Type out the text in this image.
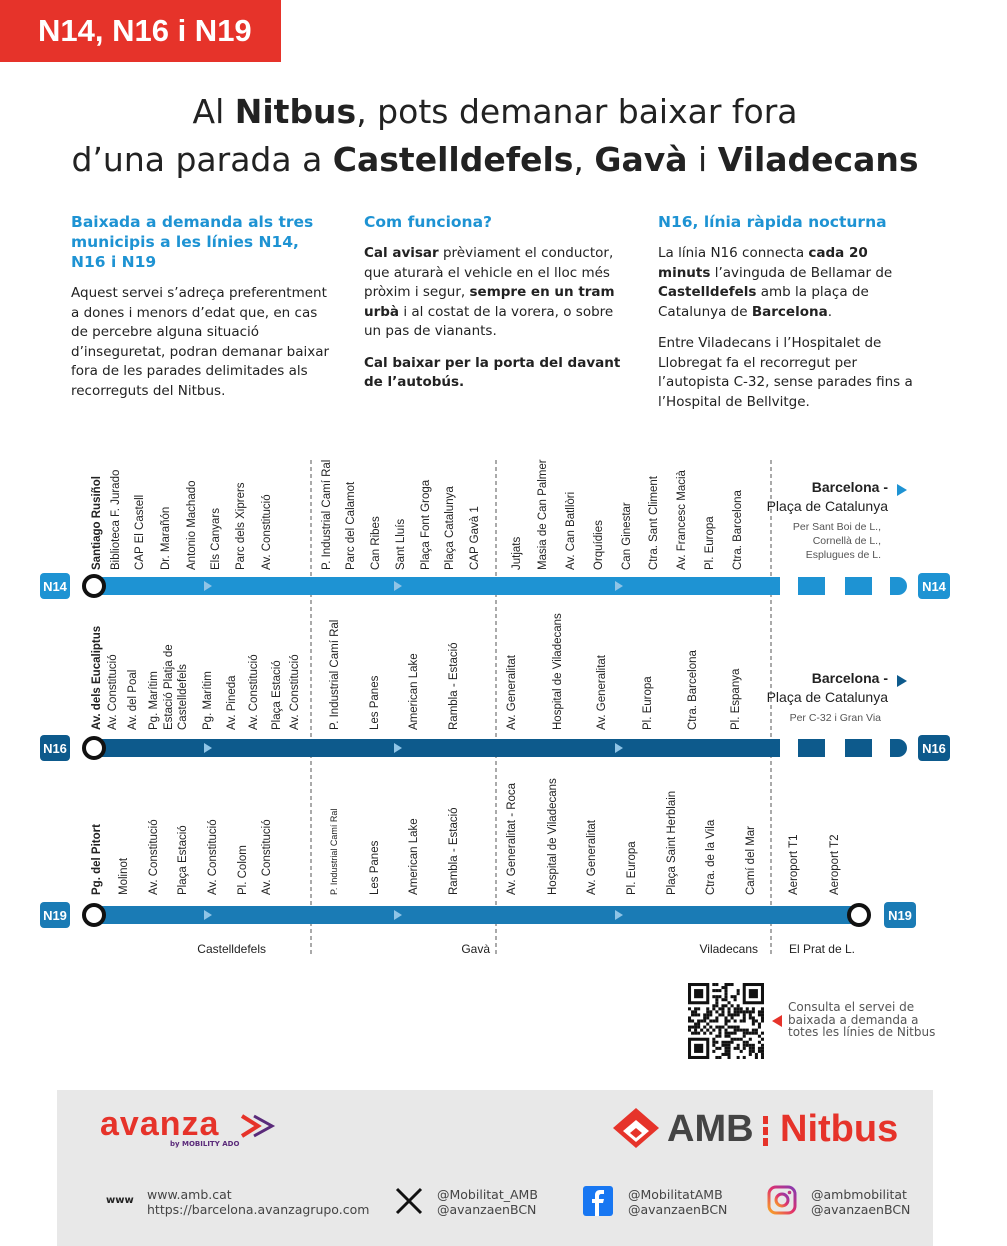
N14, N16 i N19
Al Nitbus, pots demanar baixar fora
d’una parada a Castelldefels, Gavà i Viladecans
Baixada a demanda als tres municipis a les línies N14, N16 i N19

Aquest servei s’adreça preferentment a dones i menors d’edat que, en cas de percebre alguna situació d’inseguretat, podran demanar baixar fora de les parades delimitades als recorreguts del Nitbus.

Com funciona?

Cal avisar prèviament el conductor, que aturarà el vehicle en el lloc més pròxim i segur, sempre en un tram urbà i al costat de la vorera, o sobre un pas de vianants.

Cal baixar per la porta del davant de l’autobús.

N16, línia ràpida nocturna

La línia N16 connecta cada 20 minuts l’avinguda de Bellamar de Castelldefels amb la plaça de Catalunya de Barcelona.

Entre Viladecans i l’Hospitalet de Llobregat fa el recorregut per l’autopista C-32, sense parades fins a l’Hospital de Bellvitge.

Castelldefels	Gavà	Viladecans	El Prat de L.
N14	N14
Santiago Rusiñol Biblioteca F. Jurado CAP El Castell Dr. Marañón Antonio Machado Els Canyars Parc dels Xiprers Av. Constitució	P. Industrial Camí Ral Parc del Calamot Can Ribes Sant Lluís Plaça Font Groga Plaça Catalunya CAP Gavà 1	Jutjats Masia de Can Palmer Av. Can Batllòri Orquídies Can Ginestar Ctra. Sant Climent Av. Francesc Macià Pl. Europa Ctra. Barcelona
Barcelona -
Plaça de Catalunya
Per Sant Boi de L.,
Cornellà de L.,
Esplugues de L.
N16	N16
Av. dels Eucaliptus Av. Constitució Av. del Poal Pg. Marítim Estació Platja de Castelldefels Pg. Marítim Av. Pineda Av. Constitució Plaça Estació Av. Constitució P. Industrial Camí Ral Les Panes American Lake Rambla - Estació	Av. Generalitat	Hospital de Viladecans	Av. Generalitat	Pl. Europa	Ctra. Barcelona	Pl. Espanya	Barcelona -
Plaça de Catalunya
Per C-32 i Gran Via
N19	N19
Pg. del Pitort Molinot Av. Constitució Plaça Estació Av. Constitució Pl. Colom Av. Constitució	P. Industrial Camí Ral	Les Panes American Lake Rambla - Estació	Av. Generalitat - Roca	Hospital de Viladecans Av. Generalitat Pl. Europa Plaça Saint Herblain Ctra. de la Vila Camí del Mar	Aeroport T1	Aeroport T2
Consulta el servei de
baixada a demanda a
totes les línies de Nitbus
avanza
by MOBILITY ADO	AMB Nitbus
www www.amb.cat
https://barcelona.avanzagrupo.com
@Mobilitat_AMB
@avanzaenBCN
@MobilitatAMB
@avanzaenBCN
@ambmobilitat
@avanzaenBCN
